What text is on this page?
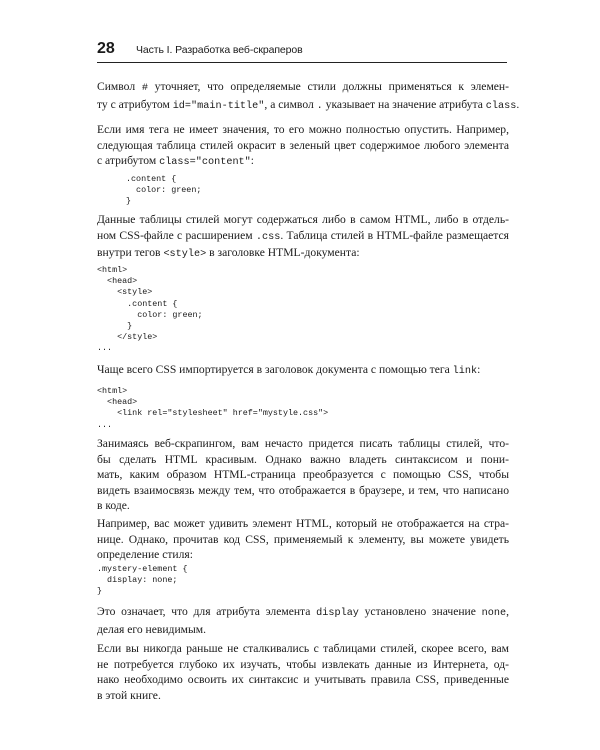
28 Часть I. Разработка веб-скраперов

Символ # уточняет, что определяемые стили должны применяться к элемен-
ту с атрибутом id="main-title", а символ . указывает на значение атрибута class.

Если имя тега не имеет значения, то его можно полностью опустить. Например,
следующая таблица стилей окрасит в зеленый цвет содержимое любого элемента
с атрибутом class="content":

.content {
color: green;
}

Данные таблицы стилей могут содержаться либо в самом HTML, либо в отдель-
ном CSS-файле с расширением .css. Таблица стилей в HTML-файле размещается
внутри тегов <style> в заголовке HTML-документа:

<html>
<head>
<style>
.content {
color: green;
}
</style>
...

Чаще всего CSS импортируется в заголовок документа с помощью тега link:

<html>
<head>
<link rel="stylesheet" href="mystyle.css">
...

Занимаясь веб-скрапингом, вам нечасто придется писать таблицы стилей, что-
бы сделать HTML красивым. Однако важно владеть синтаксисом и пони-
мать, каким образом HTML-страница преобразуется с помощью CSS, чтобы
видеть взаимосвязь между тем, что отображается в браузере, и тем, что написано
в коде.

Например, вас может удивить элемент HTML, который не отображается на стра-
нице. Однако, прочитав код CSS, применяемый к элементу, вы можете увидеть
определение стиля:

.mystery-element {
display: none;
}

Это означает, что для атрибута элемента display установлено значение none,
делая его невидимым.

Если вы никогда раньше не сталкивались с таблицами стилей, скорее всего, вам
не потребуется глубоко их изучать, чтобы извлекать данные из Интернета, од-
нако необходимо освоить их синтаксис и учитывать правила CSS, приведенные
в этой книге.
